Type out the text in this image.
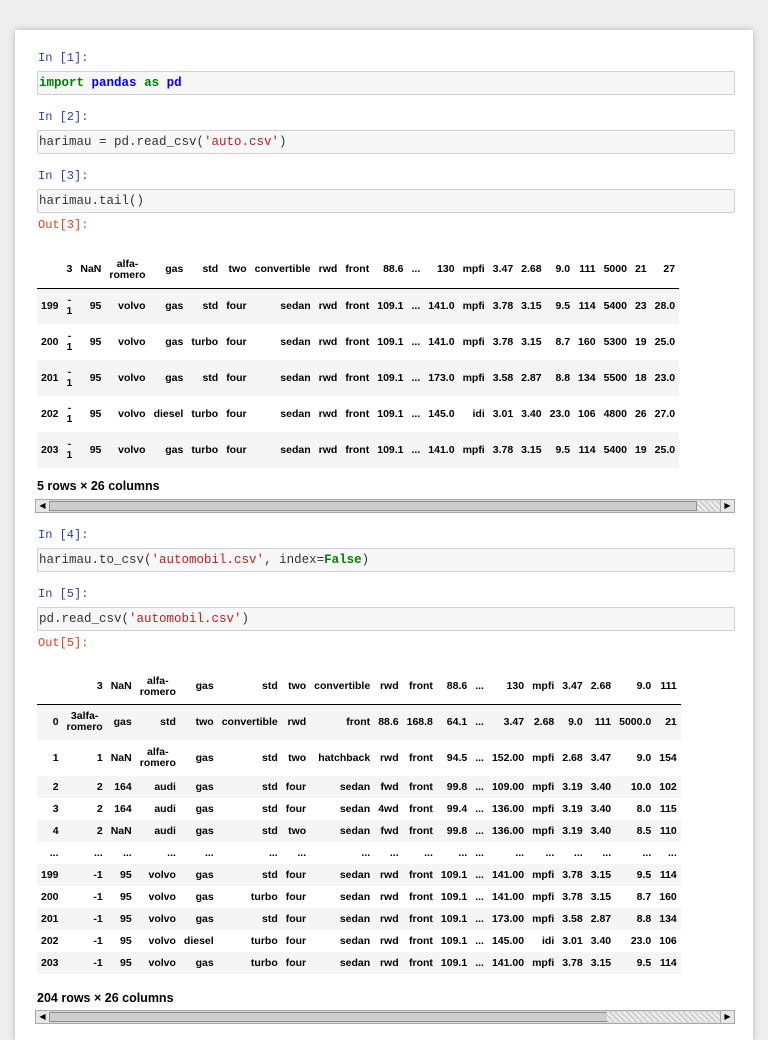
In [1]:
import pandas as pd
In [2]:
harimau = pd.read_csv('auto.csv')
In [3]:
harimau.tail()
Out[3]:
	3	NaN	alfa-
romero	gas	std	two	convertible	rwd	front	88.6	...	130	mpfi	3.47	2.68	9.0	111	5000	21	27
199	-
1	95	volvo	gas	std	four	sedan	rwd	front	109.1	...	141.0	mpfi	3.78	3.15	9.5	114	5400	23	28.0
200	-
1	95	volvo	gas	turbo	four	sedan	rwd	front	109.1	...	141.0	mpfi	3.78	3.15	8.7	160	5300	19	25.0
201	-
1	95	volvo	gas	std	four	sedan	rwd	front	109.1	...	173.0	mpfi	3.58	2.87	8.8	134	5500	18	23.0
202	-
1	95	volvo	diesel	turbo	four	sedan	rwd	front	109.1	...	145.0	idi	3.01	3.40	23.0	106	4800	26	27.0
203	-
1	95	volvo	gas	turbo	four	sedan	rwd	front	109.1	...	141.0	mpfi	3.78	3.15	9.5	114	5400	19	25.0
5 rows × 26 columns
◀	▶
In [4]:
harimau.to_csv('automobil.csv', index=False)
In [5]:
pd.read_csv('automobil.csv')
Out[5]:
	3	NaN	alfa-
romero	gas	std	two	convertible	rwd	front	88.6	...	130	mpfi	3.47	2.68	9.0	111
0	3alfa-
romero	gas	std	two	convertible	rwd	front	88.6	168.8	64.1	...	3.47	2.68	9.0	111	5000.0	21
1	1	NaN	alfa-
romero	gas	std	two	hatchback	rwd	front	94.5	...	152.00	mpfi	2.68	3.47	9.0	154
2	2	164	audi	gas	std	four	sedan	fwd	front	99.8	...	109.00	mpfi	3.19	3.40	10.0	102
3	2	164	audi	gas	std	four	sedan	4wd	front	99.4	...	136.00	mpfi	3.19	3.40	8.0	115
4	2	NaN	audi	gas	std	two	sedan	fwd	front	99.8	...	136.00	mpfi	3.19	3.40	8.5	110
...	...	...	...	...	...	...	...	...	...	...	...	...	...	...	...	...	...
199	-1	95	volvo	gas	std	four	sedan	rwd	front	109.1	...	141.00	mpfi	3.78	3.15	9.5	114
200	-1	95	volvo	gas	turbo	four	sedan	rwd	front	109.1	...	141.00	mpfi	3.78	3.15	8.7	160
201	-1	95	volvo	gas	std	four	sedan	rwd	front	109.1	...	173.00	mpfi	3.58	2.87	8.8	134
202	-1	95	volvo	diesel	turbo	four	sedan	rwd	front	109.1	...	145.00	idi	3.01	3.40	23.0	106
203	-1	95	volvo	gas	turbo	four	sedan	rwd	front	109.1	...	141.00	mpfi	3.78	3.15	9.5	114
204 rows × 26 columns
◀	▶
